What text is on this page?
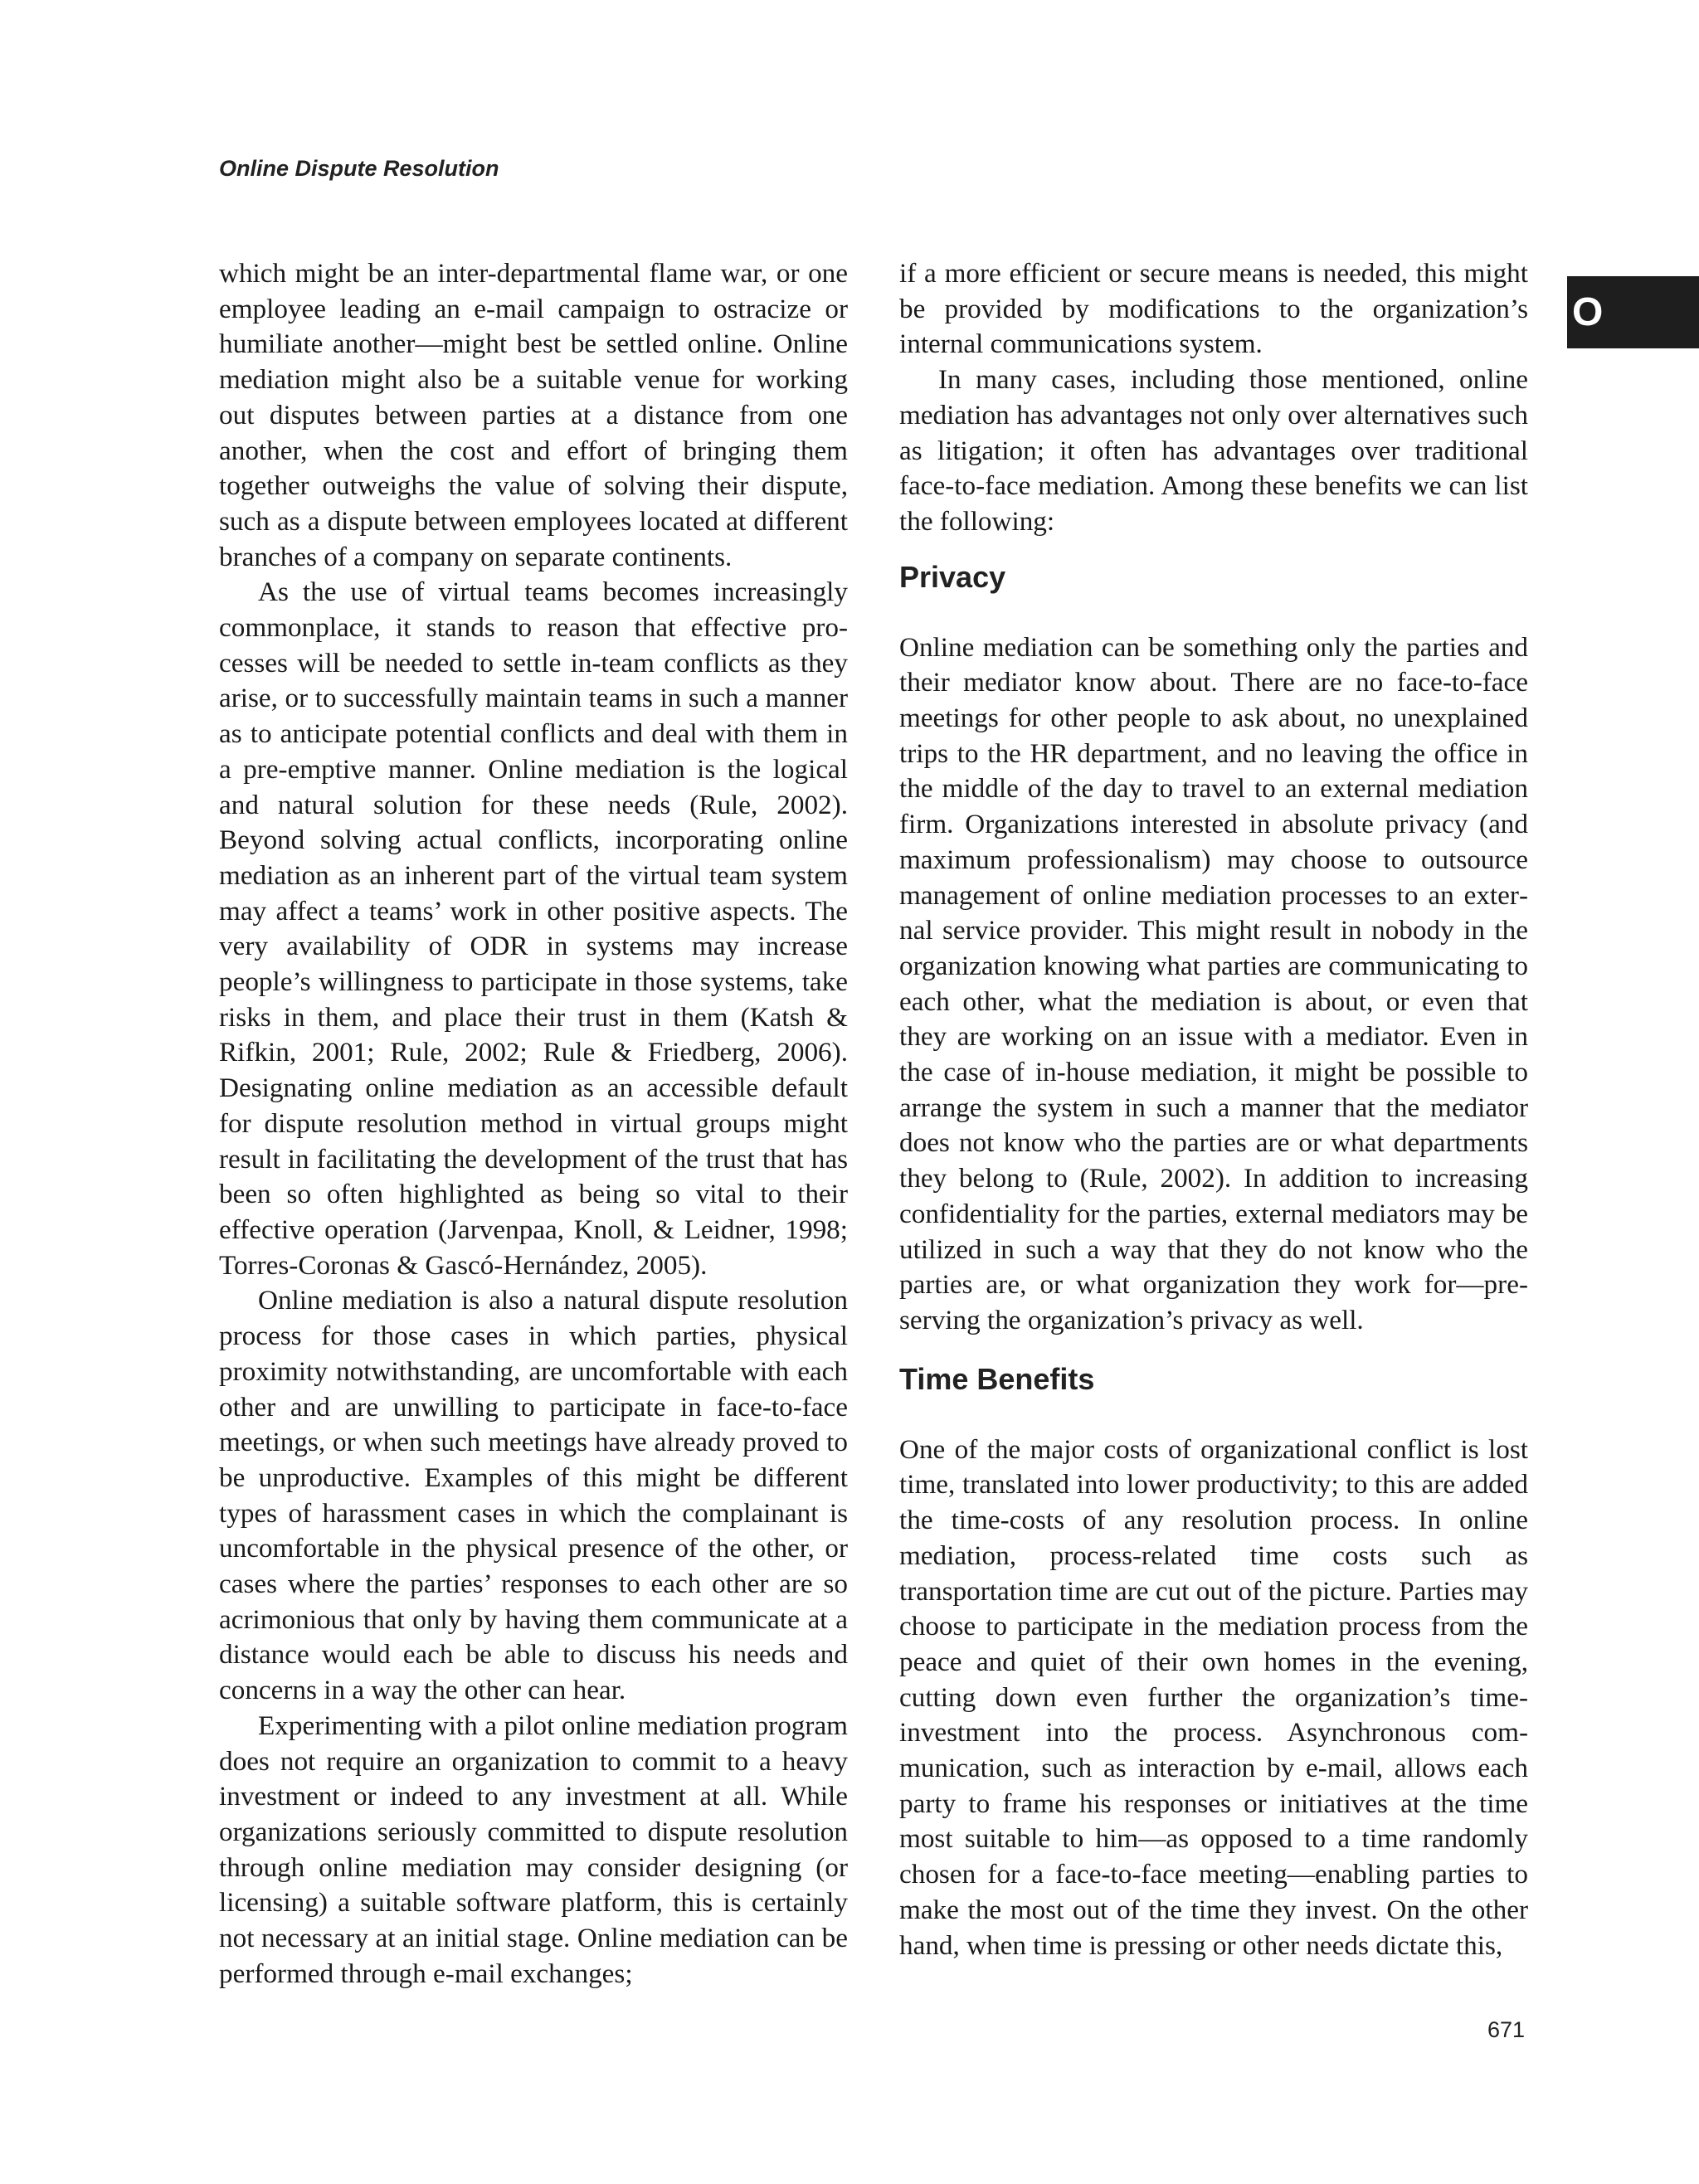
Online Dispute Resolution
O

which might be an inter-departmental flame war, or one employee leading an e-mail campaign to ostracize or humiliate another—might best be settled online. Online mediation might also be a suitable venue for working out disputes between parties at a distance from one another, when the cost and effort of bringing them together outweighs the value of solving their dispute, such as a dispute between employees located at different branches of a company on separate continents.

As the use of virtual teams becomes increasingly commonplace, it stands to reason that effective processes will be needed to settle in-team conflicts as they arise, or to successfully maintain teams in such a manner as to anticipate potential conflicts and deal with them in a pre-emptive manner. Online mediation is the logical and natural solution for these needs (Rule, 2002). Beyond solving actual conflicts, incorporating online mediation as an inherent part of the virtual team system may affect a teams’ work in other positive aspects. The very availability of ODR in systems may increase people’s willingness to participate in those systems, take risks in them, and place their trust in them (Katsh & Rifkin, 2001; Rule, 2002; Rule & Friedberg, 2006). Designating online mediation as an accessible default for dispute resolution method in virtual groups might result in facilitating the development of the trust that has been so often highlighted as being so vital to their effective operation (Jarvenpaa, Knoll, & Leidner, 1998; Torres-Coronas & Gascó-Hernández, 2005).

Online mediation is also a natural dispute resolution process for those cases in which parties, physical proximity notwithstanding, are uncomfortable with each other and are unwilling to participate in face-to-face meetings, or when such meetings have already proved to be unproductive. Examples of this might be different types of harassment cases in which the complainant is uncomfortable in the physical presence of the other, or cases where the parties’ responses to each other are so acrimonious that only by having them communicate at a distance would each be able to discuss his needs and concerns in a way the other can hear.

Experimenting with a pilot online mediation program does not require an organization to commit to a heavy investment or indeed to any investment at all. While organizations seriously committed to dispute resolution through online mediation may consider designing (or licensing) a suitable software platform, this is certainly not necessary at an initial stage. Online mediation can be performed through e-mail exchanges;

if a more efficient or secure means is needed, this might be provided by modifications to the organization’s internal communications system.

In many cases, including those mentioned, online mediation has advantages not only over alternatives such as litigation; it often has advantages over traditional face-to-face mediation. Among these benefits we can list the following:

Privacy

Online mediation can be something only the parties and their mediator know about. There are no face-to-face meetings for other people to ask about, no unexplained trips to the HR department, and no leaving the office in the middle of the day to travel to an external mediation firm. Organizations interested in absolute privacy (and maximum professionalism) may choose to outsource management of online mediation processes to an external service provider. This might result in nobody in the organization knowing what parties are communicating to each other, what the mediation is about, or even that they are working on an issue with a mediator. Even in the case of in-house mediation, it might be possible to arrange the system in such a manner that the mediator does not know who the parties are or what departments they belong to (Rule, 2002). In addition to increasing confidentiality for the parties, external mediators may be utilized in such a way that they do not know who the parties are, or what organization they work for—preserving the organization’s privacy as well.

Time Benefits

One of the major costs of organizational conflict is lost time, translated into lower productivity; to this are added the time-costs of any resolution process. In online mediation, process-related time costs such as transportation time are cut out of the picture. Parties may choose to participate in the mediation process from the peace and quiet of their own homes in the evening, cutting down even further the organization’s time-investment into the process. Asynchronous communication, such as interaction by e-mail, allows each party to frame his responses or initiatives at the time most suitable to him—as opposed to a time randomly chosen for a face-to-face meeting—enabling parties to make the most out of the time they invest. On the other hand, when time is pressing or other needs dictate this,

671
